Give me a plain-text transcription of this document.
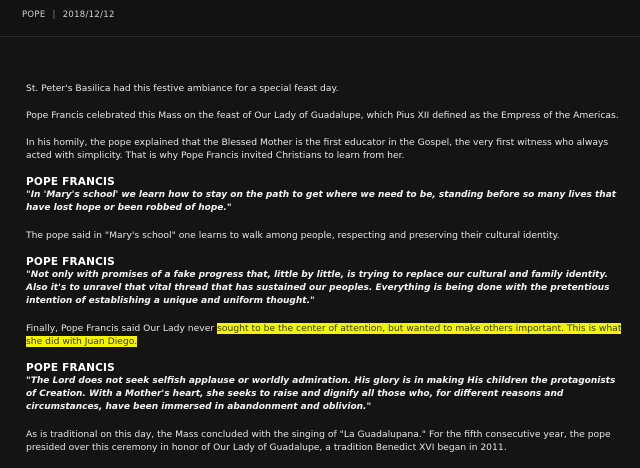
POPE | 2018/12/12

St. Peter's Basilica had this festive ambiance for a special feast day.

Pope Francis celebrated this Mass on the feast of Our Lady of Guadalupe, which Pius XII defined as the Empress of the Americas.

In his homily, the pope explained that the Blessed Mother is the first educator in the Gospel, the very first witness who always acted with simplicity. That is why Pope Francis invited Christians to learn from her.

POPE FRANCIS

"In 'Mary's school' we learn how to stay on the path to get where we need to be, standing before so many lives that have lost hope or been robbed of hope."

The pope said in "Mary's school" one learns to walk among people, respecting and preserving their cultural identity.

POPE FRANCIS

"Not only with promises of a fake progress that, little by little, is trying to replace our cultural and family identity. Also it's to unravel that vital thread that has sustained our peoples. Everything is being done with the pretentious intention of establishing a unique and uniform thought."

Finally, Pope Francis said Our Lady never sought to be the center of attention, but wanted to make others important. This is what she did with Juan Diego.

POPE FRANCIS

"The Lord does not seek selfish applause or worldly admiration. His glory is in making His children the protagonists of Creation. With a Mother's heart, she seeks to raise and dignify all those who, for different reasons and circumstances, have been immersed in abandonment and oblivion."

As is traditional on this day, the Mass concluded with the singing of "La Guadalupana." For the fifth consecutive year, the pope presided over this ceremony in honor of Our Lady of Guadalupe, a tradition Benedict XVI began in 2011.
